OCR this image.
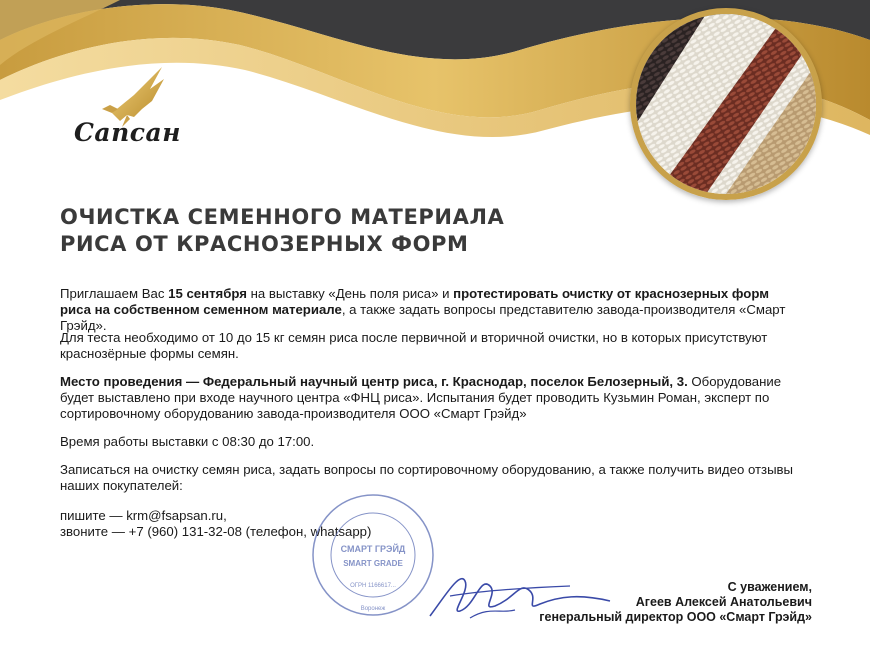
Сапсан
ОЧИСТКА СЕМЕННОГО МАТЕРИАЛА
РИСА ОТ КРАСНОЗЕРНЫХ ФОРМ

Приглашаем Вас 15 сентября на выставку «День поля риса» и протестировать очистку от краснозерных форм риса на собственном семенном материале, а также задать вопросы представителю завода-производителя «Смарт Грэйд».

Для теста необходимо от 10 до 15 кг семян риса после первичной и вторичной очистки, но в которых присутствуют краснозёрные формы семян.

Место проведения — Федеральный научный центр риса, г. Краснодар, поселок Белозерный, 3. Оборудование будет выставлено при входе научного центра «ФНЦ риса». Испытания будет проводить Кузьмин Роман, эксперт по сортировочному оборудованию завода-производителя ООО «Смарт Грэйд»

Время работы выставки с 08:30 до 17:00.

Записаться на очистку семян риса, задать вопросы по сортировочному оборудованию, а также получить видео отзывы наших покупателей:

пишите — krm@fsapsan.ru,
звоните — +7 (960) 131-32-08 (телефон, whatsapp)

СМАРТ ГРЭЙД
SMART GRADE
ОГРН 1166617...
Воронеж
С уважением,
Агеев Алексей Анатольевич
генеральный директор ООО «Смарт Грэйд»
